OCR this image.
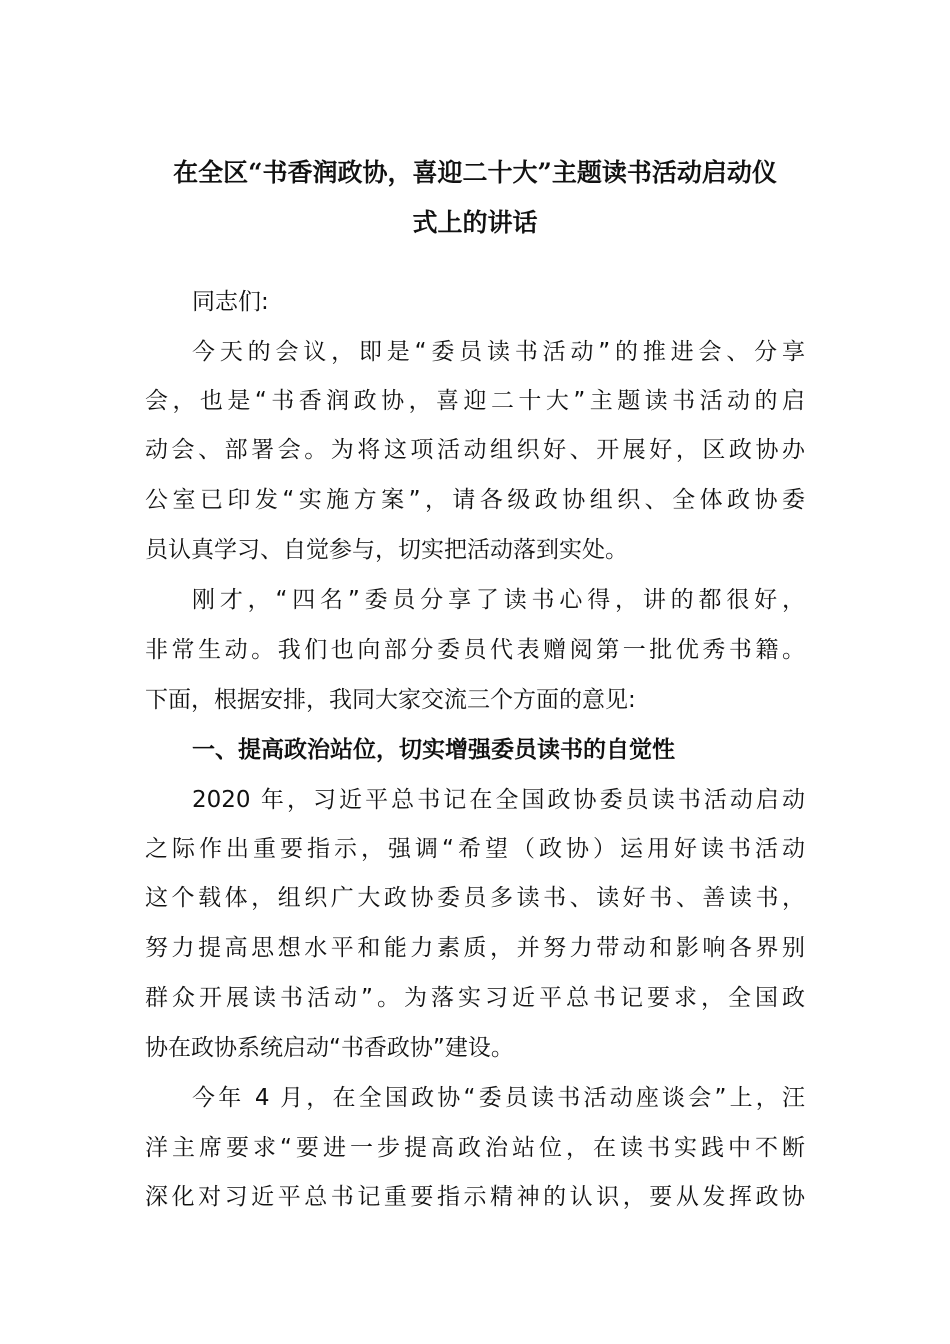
在全区“书香润政协，喜迎二十大”主题读书活动启动仪
式上的讲话
同志们:
今天的会议，即是“委员读书活动”的推进会、分享
会，也是“书香润政协，喜迎二十大”主题读书活动的启
动会、部署会。为将这项活动组织好、开展好，区政协办
公室已印发“实施方案”，请各级政协组织、全体政协委
员认真学习、自觉参与，切实把活动落到实处。
刚才，“四名”委员分享了读书心得，讲的都很好，
非常生动。我们也向部分委员代表赠阅第一批优秀书籍。
下面，根据安排，我同大家交流三个方面的意见:
一、提高政治站位，切实增强委员读书的自觉性
2020 年，习近平总书记在全国政协委员读书活动启动
之际作出重要指示，强调“希望（政协）运用好读书活动
这个载体，组织广大政协委员多读书、读好书、善读书，
努力提高思想水平和能力素质，并努力带动和影响各界别
群众开展读书活动”。为落实习近平总书记要求，全国政
协在政协系统启动“书香政协”建设。
今年 4 月，在全国政协“委员读书活动座谈会”上，汪
洋主席要求“要进一步提高政治站位，在读书实践中不断
深化对习近平总书记重要指示精神的认识，要从发挥政协
